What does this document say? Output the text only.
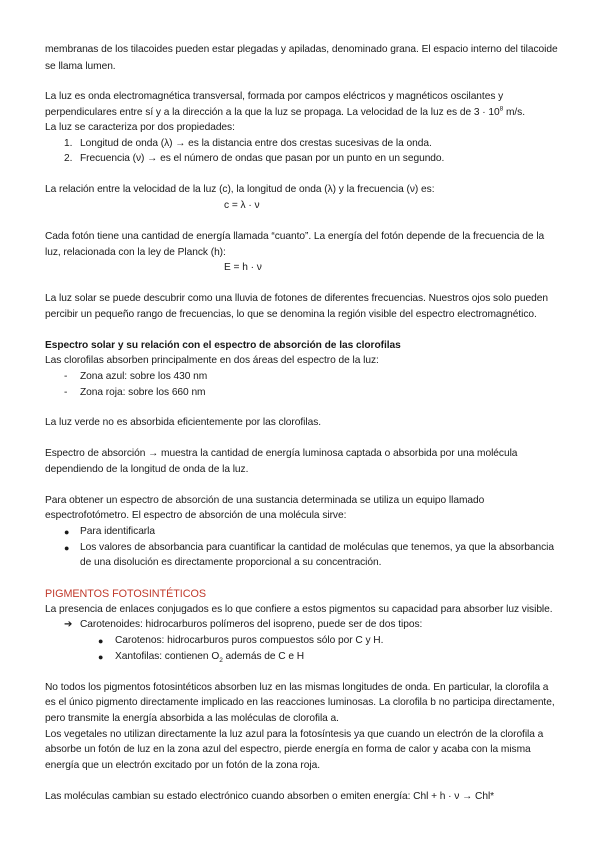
membranas de los tilacoides pueden estar plegadas y apiladas, denominado grana. El espacio interno del tilacoide
se llama lumen.
La luz es onda electromagnética transversal, formada por campos eléctricos y magnéticos oscilantes y
perpendiculares entre sí y a la dirección a la que la luz se propaga. La velocidad de la luz es de $3 \cdot 10^8$ m/s.
La luz se caracteriza por dos propiedades:
1. Longitud de onda (λ) → es la distancia entre dos crestas sucesivas de la onda.
2. Frecuencia (ν) → es el número de ondas que pasan por un punto en un segundo.
La relación entre la velocidad de la luz (c), la longitud de onda (λ) y la frecuencia (ν) es:
c = λ · ν
Cada fotón tiene una cantidad de energía llamada “cuanto”. La energía del fotón depende de la frecuencia de la
luz, relacionada con la ley de Planck (h):
E = h · ν
La luz solar se puede descubrir como una lluvia de fotones de diferentes frecuencias. Nuestros ojos solo pueden
percibir un pequeño rango de frecuencias, lo que se denomina la región visible del espectro electromagnético.
Espectro solar y su relación con el espectro de absorción de las clorofilas
Las clorofilas absorben principalmente en dos áreas del espectro de la luz:
- Zona azul: sobre los 430 nm
- Zona roja: sobre los 660 nm
La luz verde no es absorbida eficientemente por las clorofilas.
Espectro de absorción → muestra la cantidad de energía luminosa captada o absorbida por una molécula
dependiendo de la longitud de onda de la luz.
Para obtener un espectro de absorción de una sustancia determinada se utiliza un equipo llamado
espectrofotómetro. El espectro de absorción de una molécula sirve:
● Para identificarla
● Los valores de absorbancia para cuantificar la cantidad de moléculas que tenemos, ya que la absorbancia
de una disolución es directamente proporcional a su concentración.
PIGMENTOS FOTOSINTÉTICOS
La presencia de enlaces conjugados es lo que confiere a estos pigmentos su capacidad para absorber luz visible.
➔ Carotenoides: hidrocarburos polímeros del isopreno, puede ser de dos tipos:
● Carotenos: hidrocarburos puros compuestos sólo por C y H.
● Xantofilas: contienen $O_2$ además de C e H
No todos los pigmentos fotosintéticos absorben luz en las mismas longitudes de onda. En particular, la clorofila a
es el único pigmento directamente implicado en las reacciones luminosas. La clorofila b no participa directamente,
pero transmite la energía absorbida a las moléculas de clorofila a.
Los vegetales no utilizan directamente la luz azul para la fotosíntesis ya que cuando un electrón de la clorofila a
absorbe un fotón de luz en la zona azul del espectro, pierde energía en forma de calor y acaba con la misma
energía que un electrón excitado por un fotón de la zona roja.
Las moléculas cambian su estado electrónico cuando absorben o emiten energía: Chl + h · ν → Chl*
